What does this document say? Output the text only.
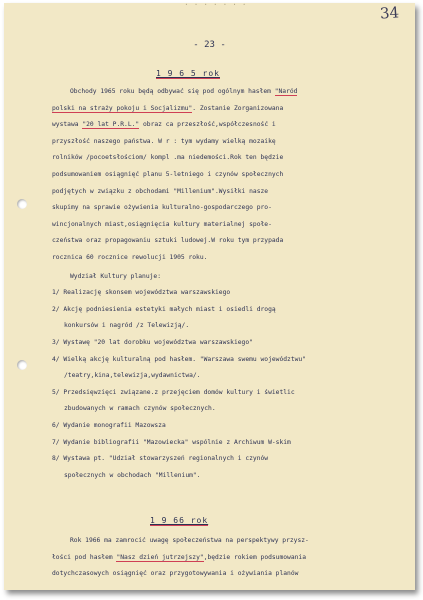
· · · · · · ·	34
- 23 -
1 9 6 5 rok
Obchody 1965 roku będą odbywać się pod ogólnym hasłem "Naród
polski na straży pokoju i Socjalizmu". Zostanie Zorganizowana
wystawa "20 lat P.R.L." obraz ca przeszłość,współczesność i
przyszłość naszego państwa. W r : tym wydamy wielką mozaikę
rolników /pocoetsłościom/ kompl .ma niedemości.Rok ten będzie
podsumowaniem osiągnięć planu 5-letniego i czynów społecznych
podjętych w związku z obchodami "Millenium".Wysiłki nasze
skupimy na sprawie ożywienia kulturalno-gospodarczego pro-
wincjonalnych miast,osiągnięcia kultury materialnej społe-
czeństwa oraz propagowaniu sztuki ludowej.W roku tym przypada
rocznica 60 rocznice rewolucji 1905 roku.
Wydział Kultury planuje:
1/ Realizację skonsem województwa warszawskiego
2/ Akcję podniesienia estetyki małych miast i osiedli drogą
konkursów i nagród /z Telewizją/.
3/ Wystawę "20 lat dorobku województwa warszawskiego"
4/ Wielką akcję kulturalną pod hasłem. "Warszawa swemu województwu"
/teatry,kina,telewizja,wydawnictwa/.
5/ Przedsięwzięci związane.z przejęciem domów kultury i świetlic
zbudowanych w ramach czynów społecznych.
6/ Wydanie monografii Mazowsza
7/ Wydanie bibliografii "Mazowiecka" wspólnie z Archiwum W-skim
8/ Wystawa pt. "Udział stowarzyszeń regionalnych i czynów
społecznych w obchodach "Millenium".
1 9 66 rok
Rok 1966 ma zamrocić uwagę społeczeństwa na perspektywy przysz-
łości pod hasłem "Nasz dzień jutrzejszy",będzie rokiem podsumowania
dotychczasowych osiągnięć oraz przygotowywania i ożywiania planów
